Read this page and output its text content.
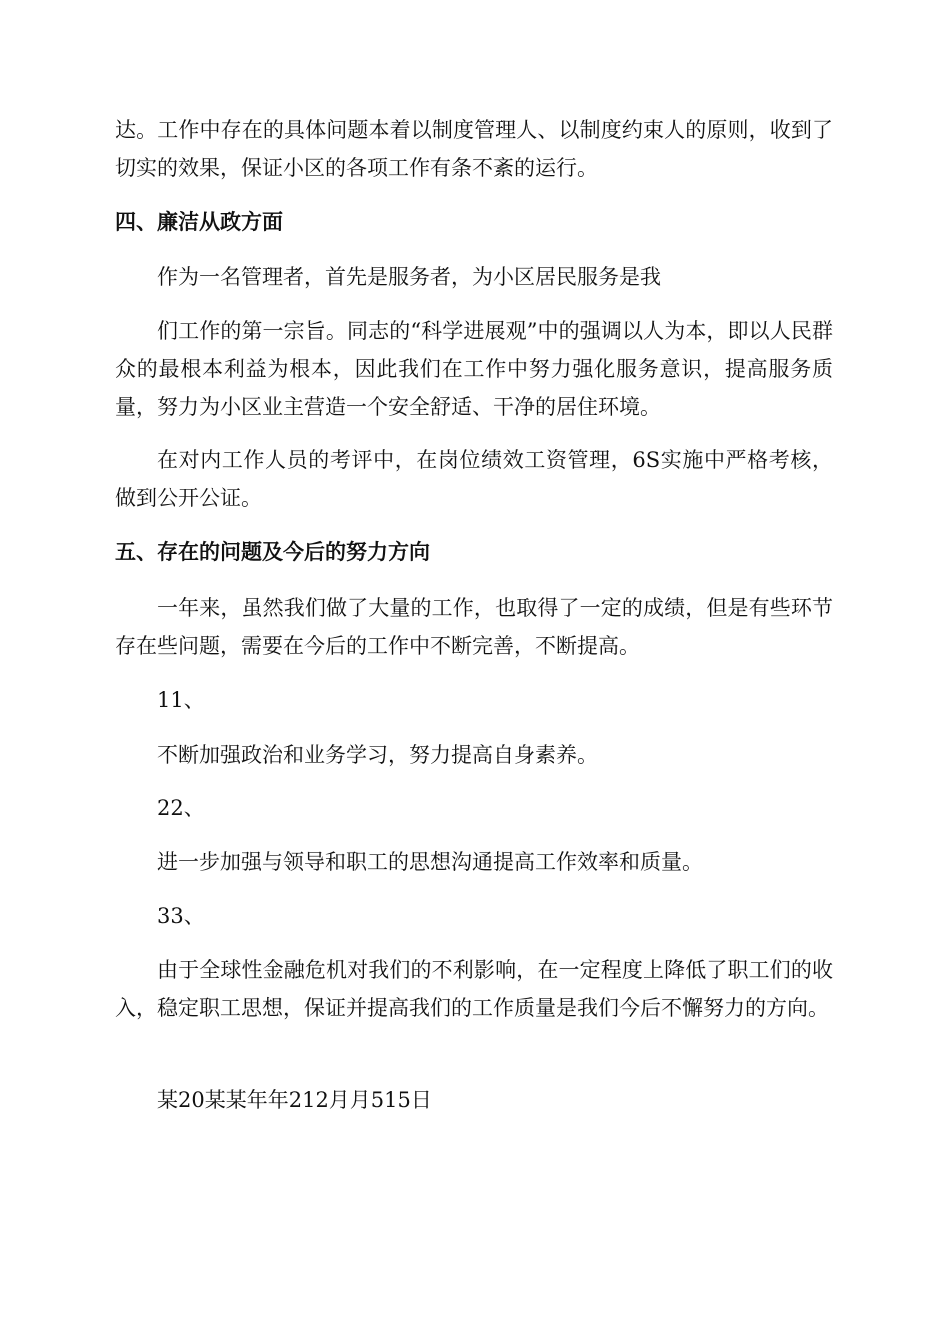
达。工作中存在的具体问题本着以制度管理人、以制度约束人的原则，收到了切实的效果，保证小区的各项工作有条不紊的运行。

四、廉洁从政方面

作为一名管理者，首先是服务者，为小区居民服务是我

们工作的第一宗旨。同志的“科学进展观”中的强调以人为本，即以人民群众的最根本利益为根本，因此我们在工作中努力强化服务意识，提高服务质量，努力为小区业主营造一个安全舒适、干净的居住环境。

在对内工作人员的考评中，在岗位绩效工资管理，6S实施中严格考核，做到公开公证。

五、存在的问题及今后的努力方向

一年来，虽然我们做了大量的工作，也取得了一定的成绩，但是有些环节存在些问题，需要在今后的工作中不断完善，不断提高。

11、

不断加强政治和业务学习，努力提高自身素养。

22、

进一步加强与领导和职工的思想沟通提高工作效率和质量。

33、

由于全球性金融危机对我们的不利影响，在一定程度上降低了职工们的收入，稳定职工思想，保证并提高我们的工作质量是我们今后不懈努力的方向。

某20某某年年212月月515日
